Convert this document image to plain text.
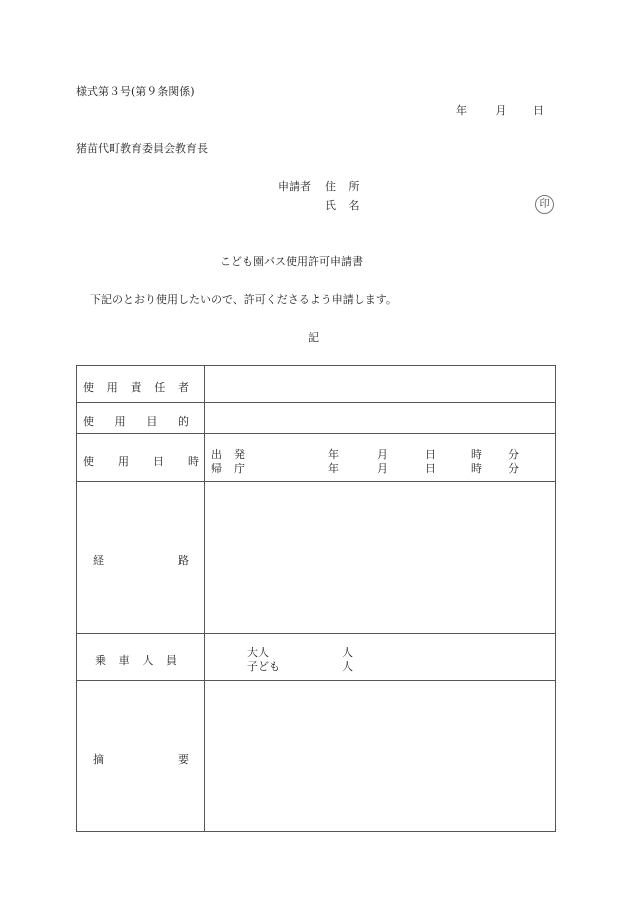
様式第３号(第９条関係)
年	月 日
猪苗代町教育委員会教育長
申請者 住 所
氏 名	印
こども園バス使用許可申請書
下記のとおり使用したいので、許可くださるよう申請します。
記
使 用 責 任 者
使 用 目 的
使 用 日 時
出 発	年	月	日	時 分
帰 庁	年	月	日	時 分
経	路
乗 車 人 員
大人	人
子ども	人
摘	要
